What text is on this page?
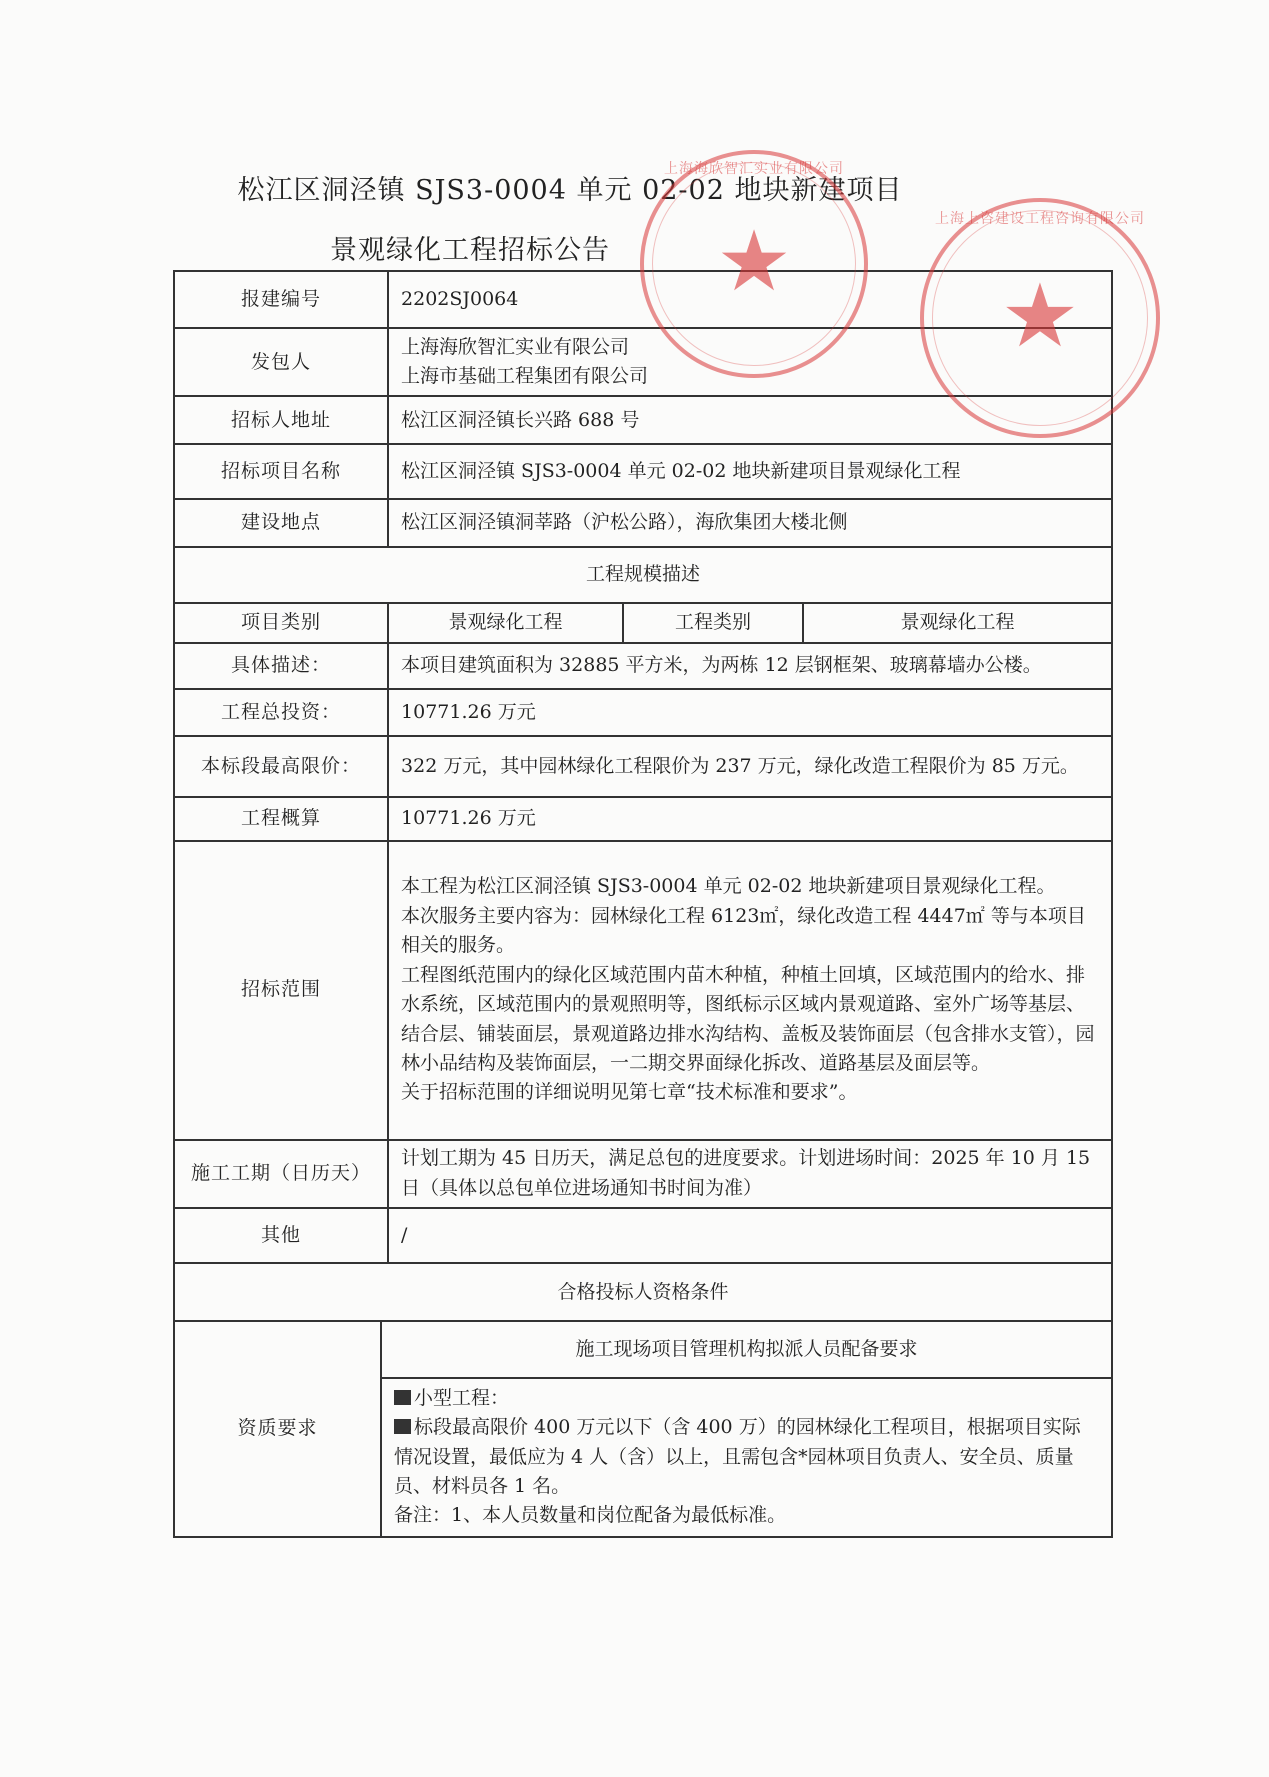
松江区洞泾镇 SJS3-0004 单元 02-02 地块新建项目
景观绿化工程招标公告
报建编号		2202SJ0064		
发包人		上海海欣智汇实业有限公司
上海市基础工程集团有限公司		

招标人地址		松江区洞泾镇长兴路 688 号		
招标项目名称		松江区洞泾镇 SJS3-0004 单元 02-02 地块新建项目景观绿化工程		
建设地点		松江区洞泾镇洞莘路（沪松公路），海欣集团大楼北侧		
工程规模描述				
项目类别		景观绿化工程	工程类别	景观绿化工程
具体描述：		本项目建筑面积为 32885 平方米，为两栋 12 层钢框架、玻璃幕墙办公楼。		
工程总投资：		10771.26 万元		
本标段最高限价：		322 万元，其中园林绿化工程限价为 237 万元，绿化改造工程限价为 85 万元。		
工程概算		10771.26 万元		
招标范围		本工程为松江区洞泾镇 SJS3-0004 单元 02-02 地块新建项目景观绿化工程。
本次服务主要内容为：园林绿化工程 6123㎡，绿化改造工程 4447㎡ 等与本项目相关的服务。
工程图纸范围内的绿化区域范围内苗木种植，种植土回填，区域范围内的给水、排水系统，区域范围内的景观照明等，图纸标示区域内景观道路、室外广场等基层、结合层、铺装面层，景观道路边排水沟结构、盖板及装饰面层（包含排水支管），园林小品结构及装饰面层，一二期交界面绿化拆改、道路基层及面层等。
关于招标范围的详细说明见第七章“技术标准和要求”。		

施工工期（日历天）		计划工期为 45 日历天，满足总包的进度要求。计划进场时间：2025 年 10 月 15 日（具体以总包单位进场通知书时间为准）		
其他		/		
合格投标人资格条件				
资质要求	施工现场项目管理机构拟派人员配备要求			

	小型工程：
标段最高限价 400 万元以下（含 400 万）的园林绿化工程项目，根据项目实际情况设置，最低应为 4 人（含）以上，且需包含*园林项目负责人、安全员、质量员、材料员各 1 名。
备注：1、本人员数量和岗位配备为最低标准。			
★
上海海欣智汇实业有限公司
★
上海上咨建设工程咨询有限公司
